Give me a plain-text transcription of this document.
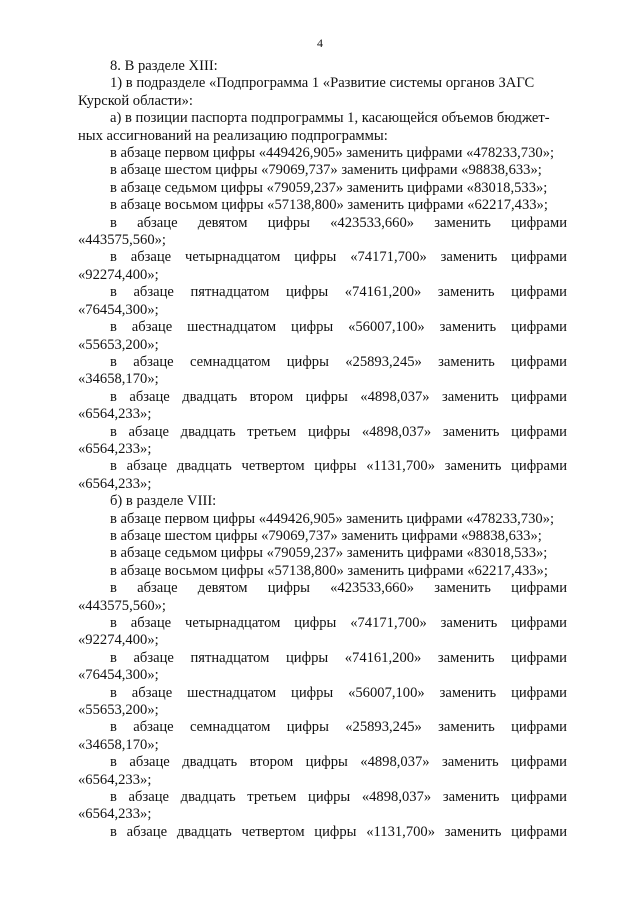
4
8. В разделе XIII:
1) в подразделе «Подпрограмма 1 «Развитие системы органов ЗАГС
Курской области»:
а) в позиции паспорта подпрограммы 1, касающейся объемов бюджет-
ных ассигнований на реализацию подпрограммы:
в абзаце первом цифры «449426,905» заменить цифрами «478233,730»;
в абзаце шестом цифры «79069,737» заменить цифрами «98838,633»;
в абзаце седьмом цифры «79059,237» заменить цифрами «83018,533»;
в абзаце восьмом цифры «57138,800» заменить цифрами «62217,433»;
в абзаце девятом цифры «423533,660» заменить цифрами
«443575,560»;
в абзаце четырнадцатом цифры «74171,700» заменить цифрами
«92274,400»;
в абзаце пятнадцатом цифры «74161,200» заменить цифрами
«76454,300»;
в абзаце шестнадцатом цифры «56007,100» заменить цифрами
«55653,200»;
в абзаце семнадцатом цифры «25893,245» заменить цифрами
«34658,170»;
в абзаце двадцать втором цифры «4898,037» заменить цифрами
«6564,233»;
в абзаце двадцать третьем цифры «4898,037» заменить цифрами
«6564,233»;
в абзаце двадцать четвертом цифры «1131,700» заменить цифрами
«6564,233»;
б) в разделе VIII:
в абзаце первом цифры «449426,905» заменить цифрами «478233,730»;
в абзаце шестом цифры «79069,737» заменить цифрами «98838,633»;
в абзаце седьмом цифры «79059,237» заменить цифрами «83018,533»;
в абзаце восьмом цифры «57138,800» заменить цифрами «62217,433»;
в абзаце девятом цифры «423533,660» заменить цифрами
«443575,560»;
в абзаце четырнадцатом цифры «74171,700» заменить цифрами
«92274,400»;
в абзаце пятнадцатом цифры «74161,200» заменить цифрами
«76454,300»;
в абзаце шестнадцатом цифры «56007,100» заменить цифрами
«55653,200»;
в абзаце семнадцатом цифры «25893,245» заменить цифрами
«34658,170»;
в абзаце двадцать втором цифры «4898,037» заменить цифрами
«6564,233»;
в абзаце двадцать третьем цифры «4898,037» заменить цифрами
«6564,233»;
в абзаце двадцать четвертом цифры «1131,700» заменить цифрами
